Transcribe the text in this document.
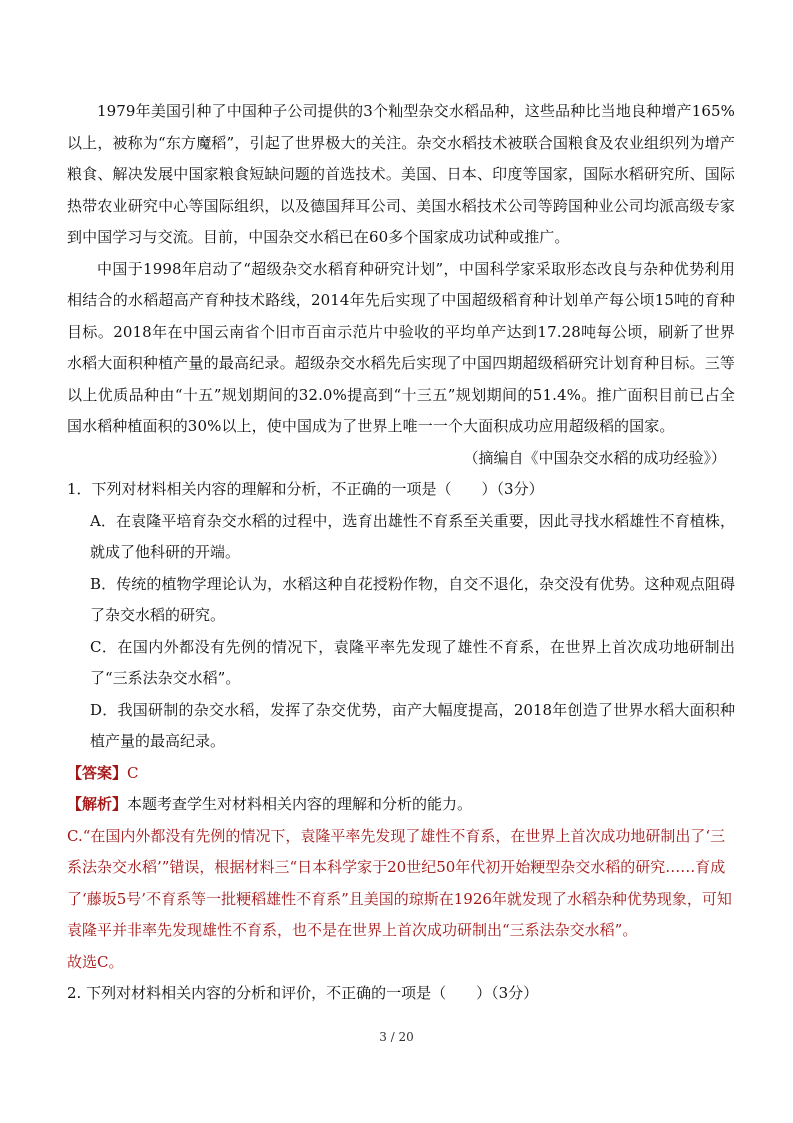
1979年美国引种了中国种子公司提供的3个籼型杂交水稻品种，这些品种比当地良种增产165%以上，被称为“东方魔稻”，引起了世界极大的关注。杂交水稻技术被联合国粮食及农业组织列为增产粮食、解决发展中国家粮食短缺问题的首选技术。美国、日本、印度等国家，国际水稻研究所、国际热带农业研究中心等国际组织，以及德国拜耳公司、美国水稻技术公司等跨国种业公司均派高级专家到中国学习与交流。目前，中国杂交水稻已在60多个国家成功试种或推广。

中国于1998年启动了“超级杂交水稻育种研究计划”，中国科学家采取形态改良与杂种优势利用相结合的水稻超高产育种技术路线，2014年先后实现了中国超级稻育种计划单产每公顷15吨的育种目标。2018年在中国云南省个旧市百亩示范片中验收的平均单产达到17.28吨每公顷，刷新了世界水稻大面积种植产量的最高纪录。超级杂交水稻先后实现了中国四期超级稻研究计划育种目标。三等以上优质品种由“十五”规划期间的32.0%提高到“十三五”规划期间的51.4%。推广面积目前已占全国水稻种植面积的30%以上，使中国成为了世界上唯一一个大面积成功应用超级稻的国家。

（摘编自《中国杂交水稻的成功经验》）

1．下列对材料相关内容的理解和分析，不正确的一项是（　　）（3分）

A．在袁隆平培育杂交水稻的过程中，选育出雄性不育系至关重要，因此寻找水稻雄性不育植株，就成了他科研的开端。

B．传统的植物学理论认为，水稻这种自花授粉作物，自交不退化，杂交没有优势。这种观点阻碍了杂交水稻的研究。

C．在国内外都没有先例的情况下，袁隆平率先发现了雄性不育系，在世界上首次成功地研制出了“三系法杂交水稻”。

D．我国研制的杂交水稻，发挥了杂交优势，亩产大幅度提高，2018年创造了世界水稻大面积种植产量的最高纪录。

【答案】C

【解析】本题考查学生对材料相关内容的理解和分析的能力。

C.“在国内外都没有先例的情况下，袁隆平率先发现了雄性不育系，在世界上首次成功地研制出了‘三系法杂交水稻’”错误，根据材料三“日本科学家于20世纪50年代初开始粳型杂交水稻的研究……育成了‘藤坂5号’不育系等一批粳稻雄性不育系”且美国的琼斯在1926年就发现了水稻杂种优势现象，可知袁隆平并非率先发现雄性不育系，也不是在世界上首次成功研制出“三系法杂交水稻”。

故选C。

2. 下列对材料相关内容的分析和评价，不正确的一项是（　　）（3分）

3 / 20
